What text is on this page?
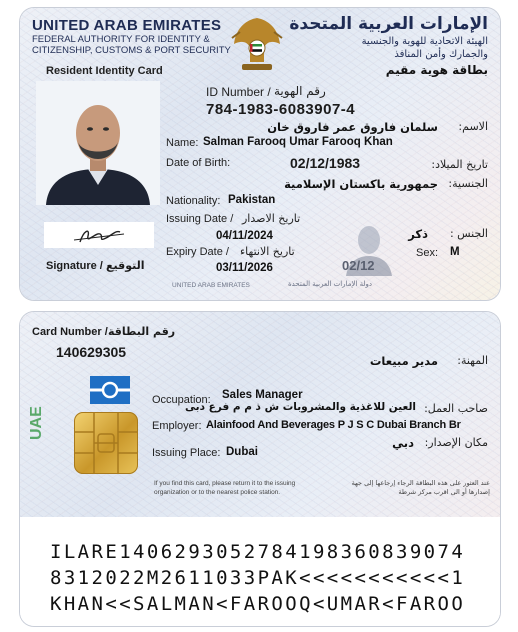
UNITED ARAB EMIRATES
FEDERAL AUTHORITY FOR IDENTITY &
CITIZENSHIP, CUSTOMS & PORT SECURITY
الإمارات العربية المتحدة
الهيئة الاتحادية للهوية والجنسية
والجمارك وأمن المنافذ
Resident Identity Card	بطاقة هوية مقيم
Signature / التوقيع
ID Number / رقم الهوية
784-1983-6083907-4
الاسم:
سلمان فاروق عمر فاروق خان
Name: Salman Farooq Umar Farooq Khan
Date of Birth:	02/12/1983	تاريخ الميلاد:
الجنسية:
جمهورية باكستان الإسلامية
Nationality: Pakistan
Issuing Date / تاريخ الاصدار
04/11/2024
Expiry Date / تاريخ الانتهاء
03/11/2026	02/12
الجنس :
ذكر
Sex: M
UNITED ARAB EMIRATES	دولة الإمارات العربية المتحدة
Card Number / رقم البطاقة
140629305
UAE
المهنة:
مدير مبيعات
Occupation: Sales Manager
صاحب العمل:
العين للاغذية والمشروبات ش ذ م م فرع دبى
Employer: Alainfood And Beverages P J S C Dubai Branch Br
مكان الإصدار:
دبي
Issuing Place: Dubai
If you find this card, please return it to the issuing
organization or to the nearest police station.
عند العثور على هذه البطاقة الرجاء إرجاعها إلى جهة
إصدارها أو الى اقرب مركز شرطة
ILARE1406293052784198360839074
8312022M2611033PAK<<<<<<<<<<<1
KHAN<<SALMAN<FAROOQ<UMAR<FAROO
